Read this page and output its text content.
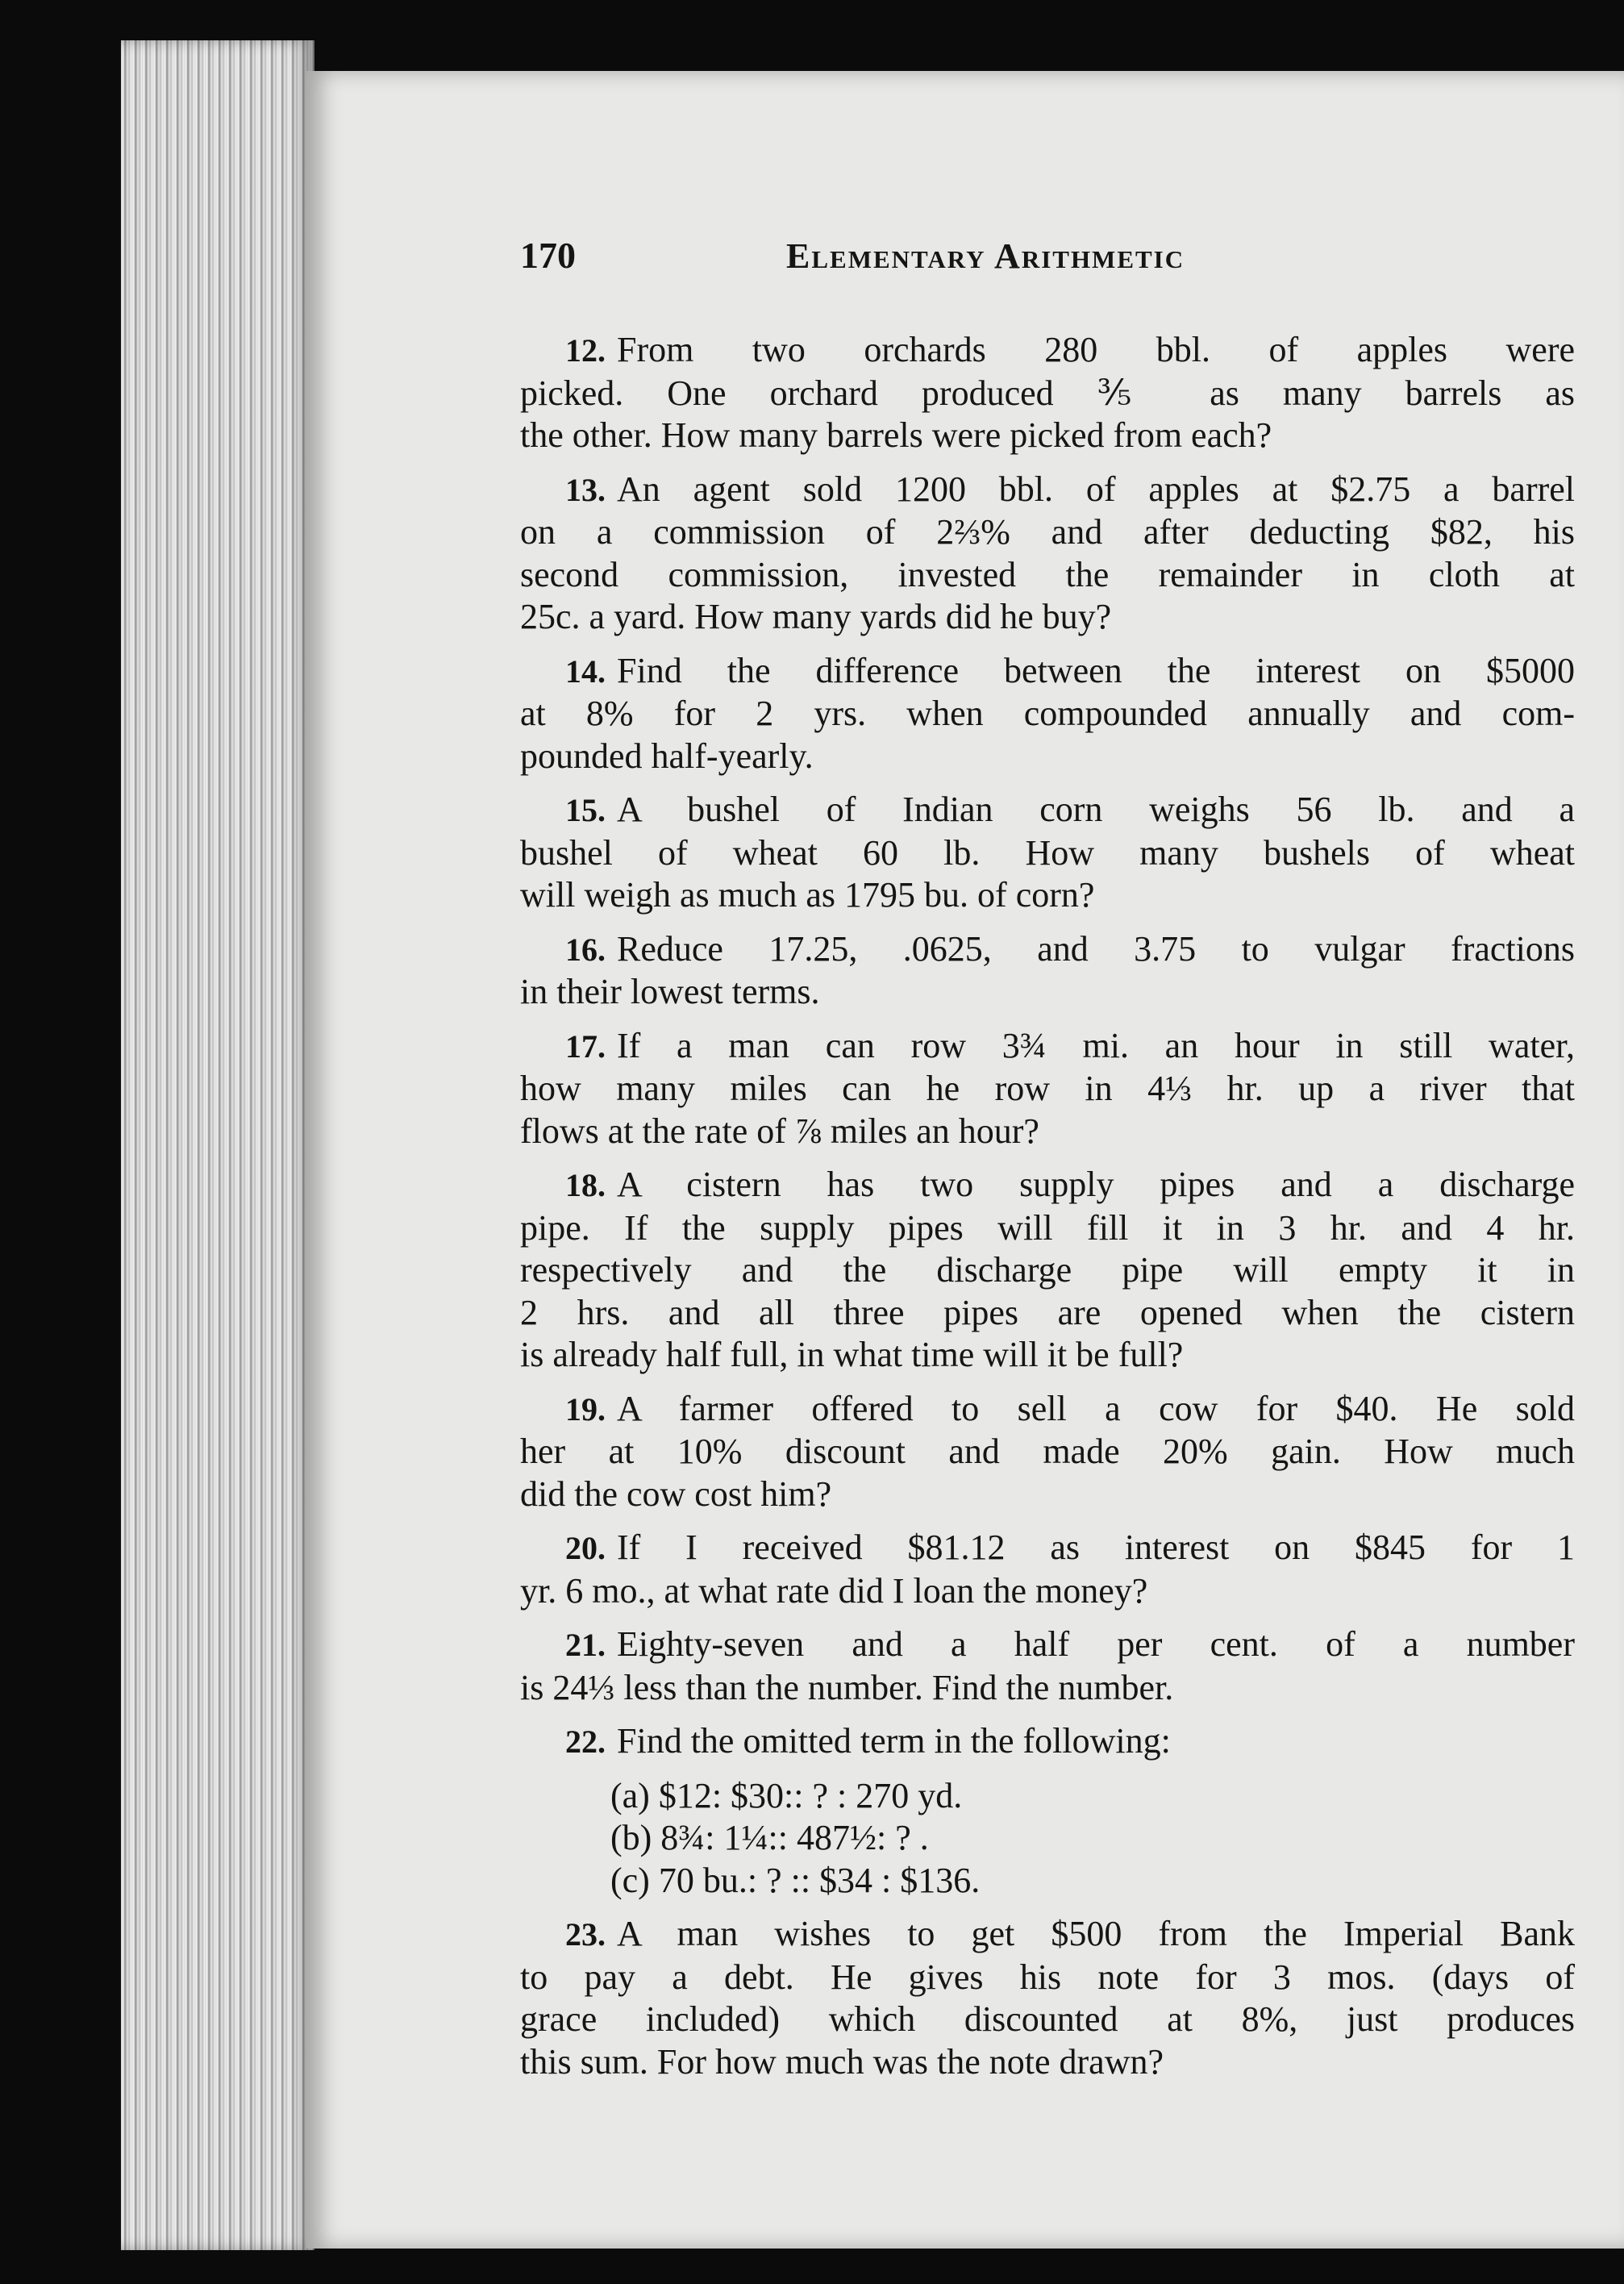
170	Elementary Arithmetic
12. From two orchards 280 bbl. of apples were
picked. One orchard produced ⅗ as many barrels as
the other. How many barrels were picked from each?
13. An agent sold 1200 bbl. of apples at $2.75 a barrel
on a commission of 2⅔% and after deducting $82, his
second commission, invested the remainder in cloth at
25c. a yard. How many yards did he buy?
14. Find the difference between the interest on $5000
at 8% for 2 yrs. when compounded annually and com-
pounded half-yearly.
15. A bushel of Indian corn weighs 56 lb. and a
bushel of wheat 60 lb. How many bushels of wheat
will weigh as much as 1795 bu. of corn?
16. Reduce 17.25, .0625, and 3.75 to vulgar fractions
in their lowest terms.
17. If a man can row 3¾ mi. an hour in still water,
how many miles can he row in 4⅓ hr. up a river that
flows at the rate of ⅞ miles an hour?
18. A cistern has two supply pipes and a discharge
pipe. If the supply pipes will fill it in 3 hr. and 4 hr.
respectively and the discharge pipe will empty it in
2 hrs. and all three pipes are opened when the cistern
is already half full, in what time will it be full?
19. A farmer offered to sell a cow for $40. He sold
her at 10% discount and made 20% gain. How much
did the cow cost him?
20. If I received $81.12 as interest on $845 for 1
yr. 6 mo., at what rate did I loan the money?
21. Eighty-seven and a half per cent. of a number
is 24⅓ less than the number. Find the number.
22. Find the omitted term in the following:
(a) $12: $30:: ? : 270 yd.
(b) 8¾: 1¼:: 487½: ? .
(c) 70 bu.: ? :: $34 : $136.
23. A man wishes to get $500 from the Imperial Bank
to pay a debt. He gives his note for 3 mos. (days of
grace included) which discounted at 8%, just produces
this sum. For how much was the note drawn?
